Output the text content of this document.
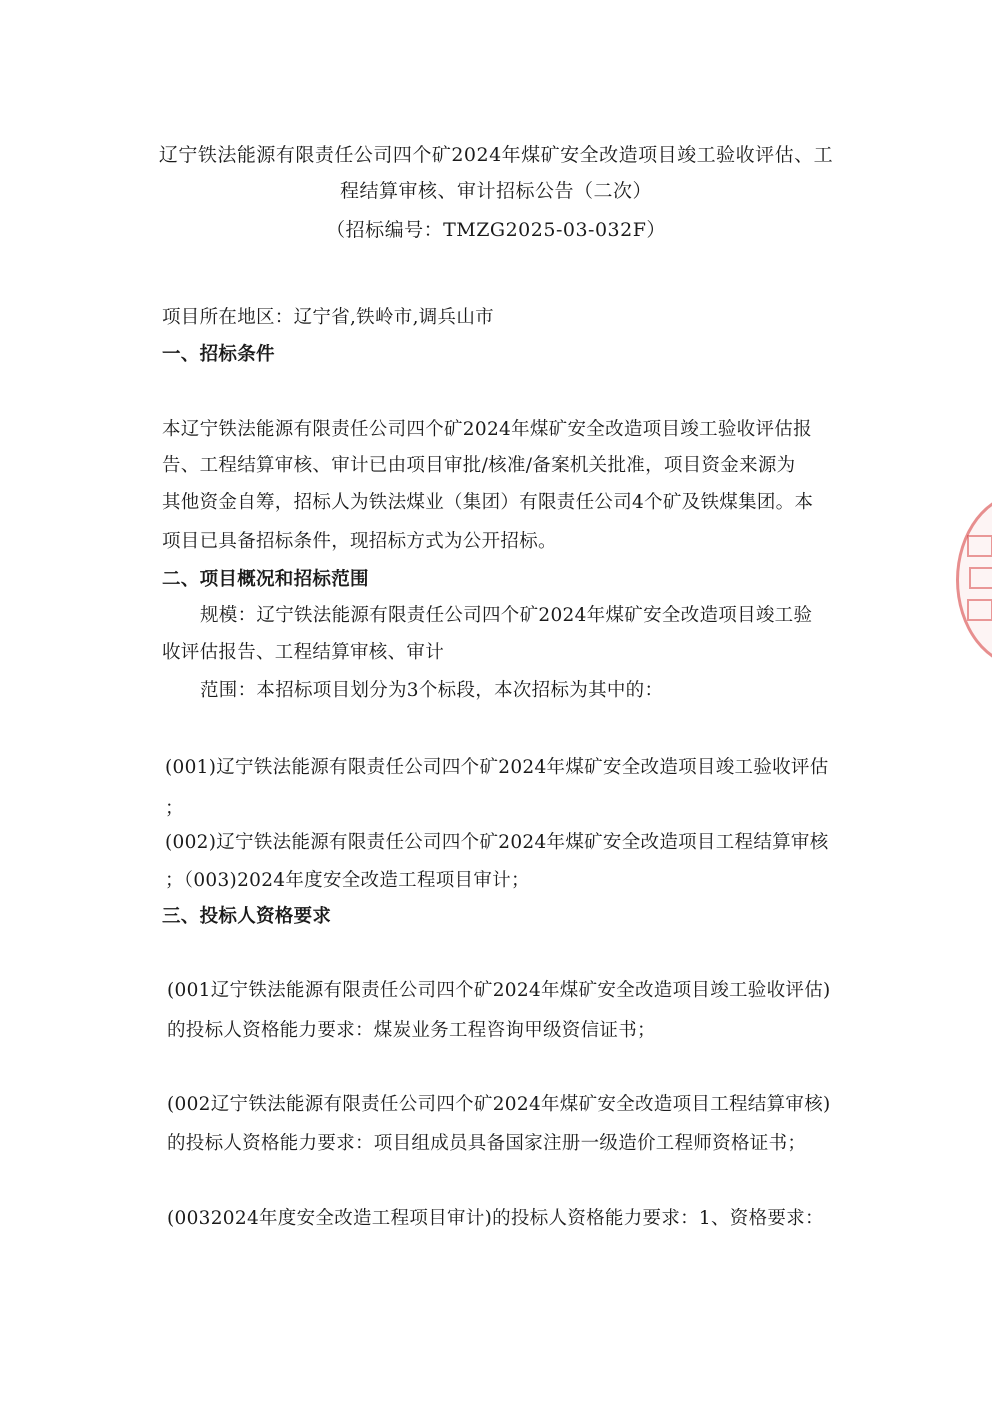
辽宁铁法能源有限责任公司四个矿2024年煤矿安全改造项目竣工验收评估、工
程结算审核、审计招标公告（二次）
（招标编号：TMZG2025-03-032F）
项目所在地区：辽宁省,铁岭市,调兵山市
一、招标条件
本辽宁铁法能源有限责任公司四个矿2024年煤矿安全改造项目竣工验收评估报
告、工程结算审核、审计已由项目审批/核准/备案机关批准，项目资金来源为
其他资金自筹，招标人为铁法煤业（集团）有限责任公司4个矿及铁煤集团。本
项目已具备招标条件，现招标方式为公开招标。
二、项目概况和招标范围
规模：辽宁铁法能源有限责任公司四个矿2024年煤矿安全改造项目竣工验
收评估报告、工程结算审核、审计
范围：本招标项目划分为3个标段，本次招标为其中的：
(001)辽宁铁法能源有限责任公司四个矿2024年煤矿安全改造项目竣工验收评估
；
(002)辽宁铁法能源有限责任公司四个矿2024年煤矿安全改造项目工程结算审核
；（003)2024年度安全改造工程项目审计；
三、投标人资格要求
(001辽宁铁法能源有限责任公司四个矿2024年煤矿安全改造项目竣工验收评估)
的投标人资格能力要求：煤炭业务工程咨询甲级资信证书；
(002辽宁铁法能源有限责任公司四个矿2024年煤矿安全改造项目工程结算审核)
的投标人资格能力要求：项目组成员具备国家注册一级造价工程师资格证书；
(0032024年度安全改造工程项目审计)的投标人资格能力要求：1、资格要求：
